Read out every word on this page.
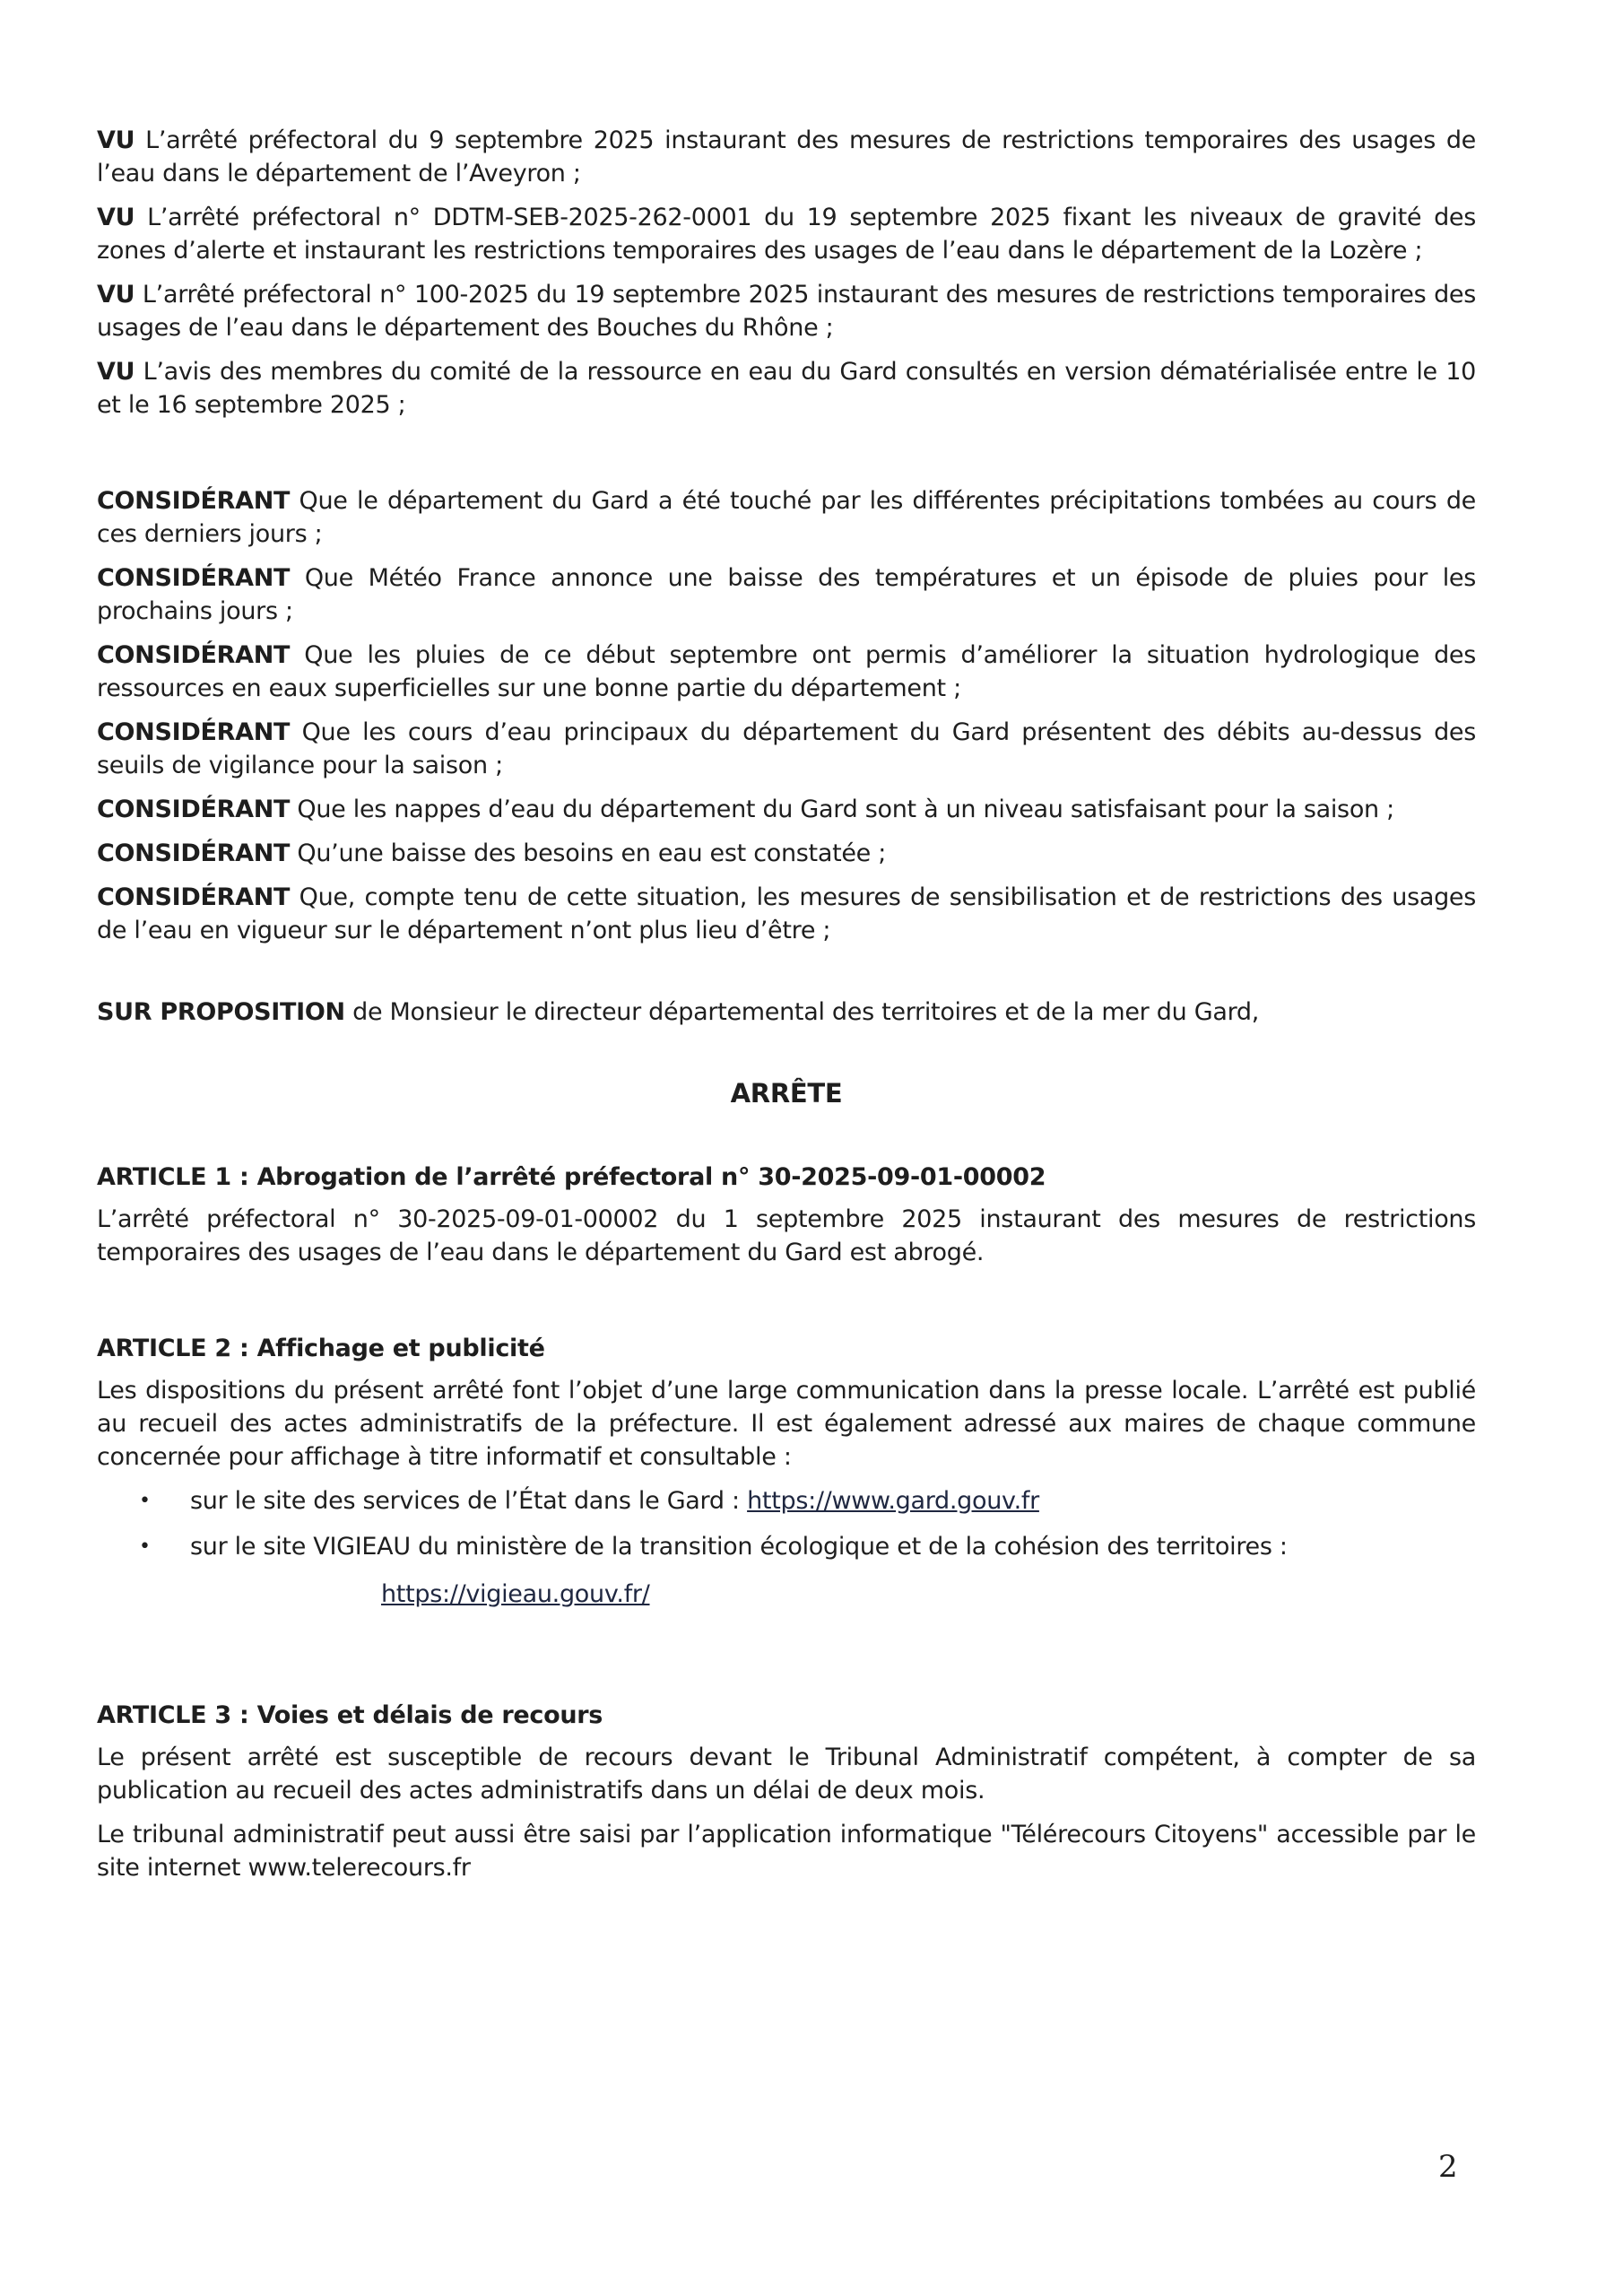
VU L’arrêté préfectoral du 9 septembre 2025 instaurant des mesures de restrictions temporaires des usages de l’eau dans le département de l’Aveyron ;

VU L’arrêté préfectoral n° DDTM-SEB-2025-262-0001 du 19 septembre 2025 fixant les niveaux de gravité des zones d’alerte et instaurant les restrictions temporaires des usages de l’eau dans le département de la Lozère ;

VU L’arrêté préfectoral n° 100-2025 du 19 septembre 2025 instaurant des mesures de restrictions temporaires des usages de l’eau dans le département des Bouches du Rhône ;

VU L’avis des membres du comité de la ressource en eau du Gard consultés en version dématérialisée entre le 10 et le 16 septembre 2025 ;

CONSIDÉRANT Que le département du Gard a été touché par les différentes précipitations tombées au cours de ces derniers jours ;

CONSIDÉRANT Que Météo France annonce une baisse des températures et un épisode de pluies pour les prochains jours ;

CONSIDÉRANT Que les pluies de ce début septembre ont permis d’améliorer la situation hydrologique des ressources en eaux superficielles sur une bonne partie du département ;

CONSIDÉRANT Que les cours d’eau principaux du département du Gard présentent des débits au-dessus des seuils de vigilance pour la saison ;

CONSIDÉRANT Que les nappes d’eau du département du Gard sont à un niveau satisfaisant pour la saison ;

CONSIDÉRANT Qu’une baisse des besoins en eau est constatée ;

CONSIDÉRANT Que, compte tenu de cette situation, les mesures de sensibilisation et de restrictions des usages de l’eau en vigueur sur le département n’ont plus lieu d’être ;

SUR PROPOSITION de Monsieur le directeur départemental des territoires et de la mer du Gard,

ARRÊTE

ARTICLE 1 : Abrogation de l’arrêté préfectoral n° 30-2025-09-01-00002

L’arrêté préfectoral n° 30-2025-09-01-00002 du 1 septembre 2025 instaurant des mesures de restrictions temporaires des usages de l’eau dans le département du Gard est abrogé.

ARTICLE 2 : Affichage et publicité

Les dispositions du présent arrêté font l’objet d’une large communication dans la presse locale. L’arrêté est publié au recueil des actes administratifs de la préfecture. Il est également adressé aux maires de chaque commune concernée pour affichage à titre informatif et consultable :

• sur le site des services de l’État dans le Gard : https://www.gard.gouv.fr
• sur le site VIGIEAU du ministère de la transition écologique et de la cohésion des territoires :
https://vigieau.gouv.fr/

ARTICLE 3 : Voies et délais de recours

Le présent arrêté est susceptible de recours devant le Tribunal Administratif compétent, à compter de sa publication au recueil des actes administratifs dans un délai de deux mois.

Le tribunal administratif peut aussi être saisi par l’application informatique "Télérecours Citoyens" accessible par le site internet www.telerecours.fr

2
